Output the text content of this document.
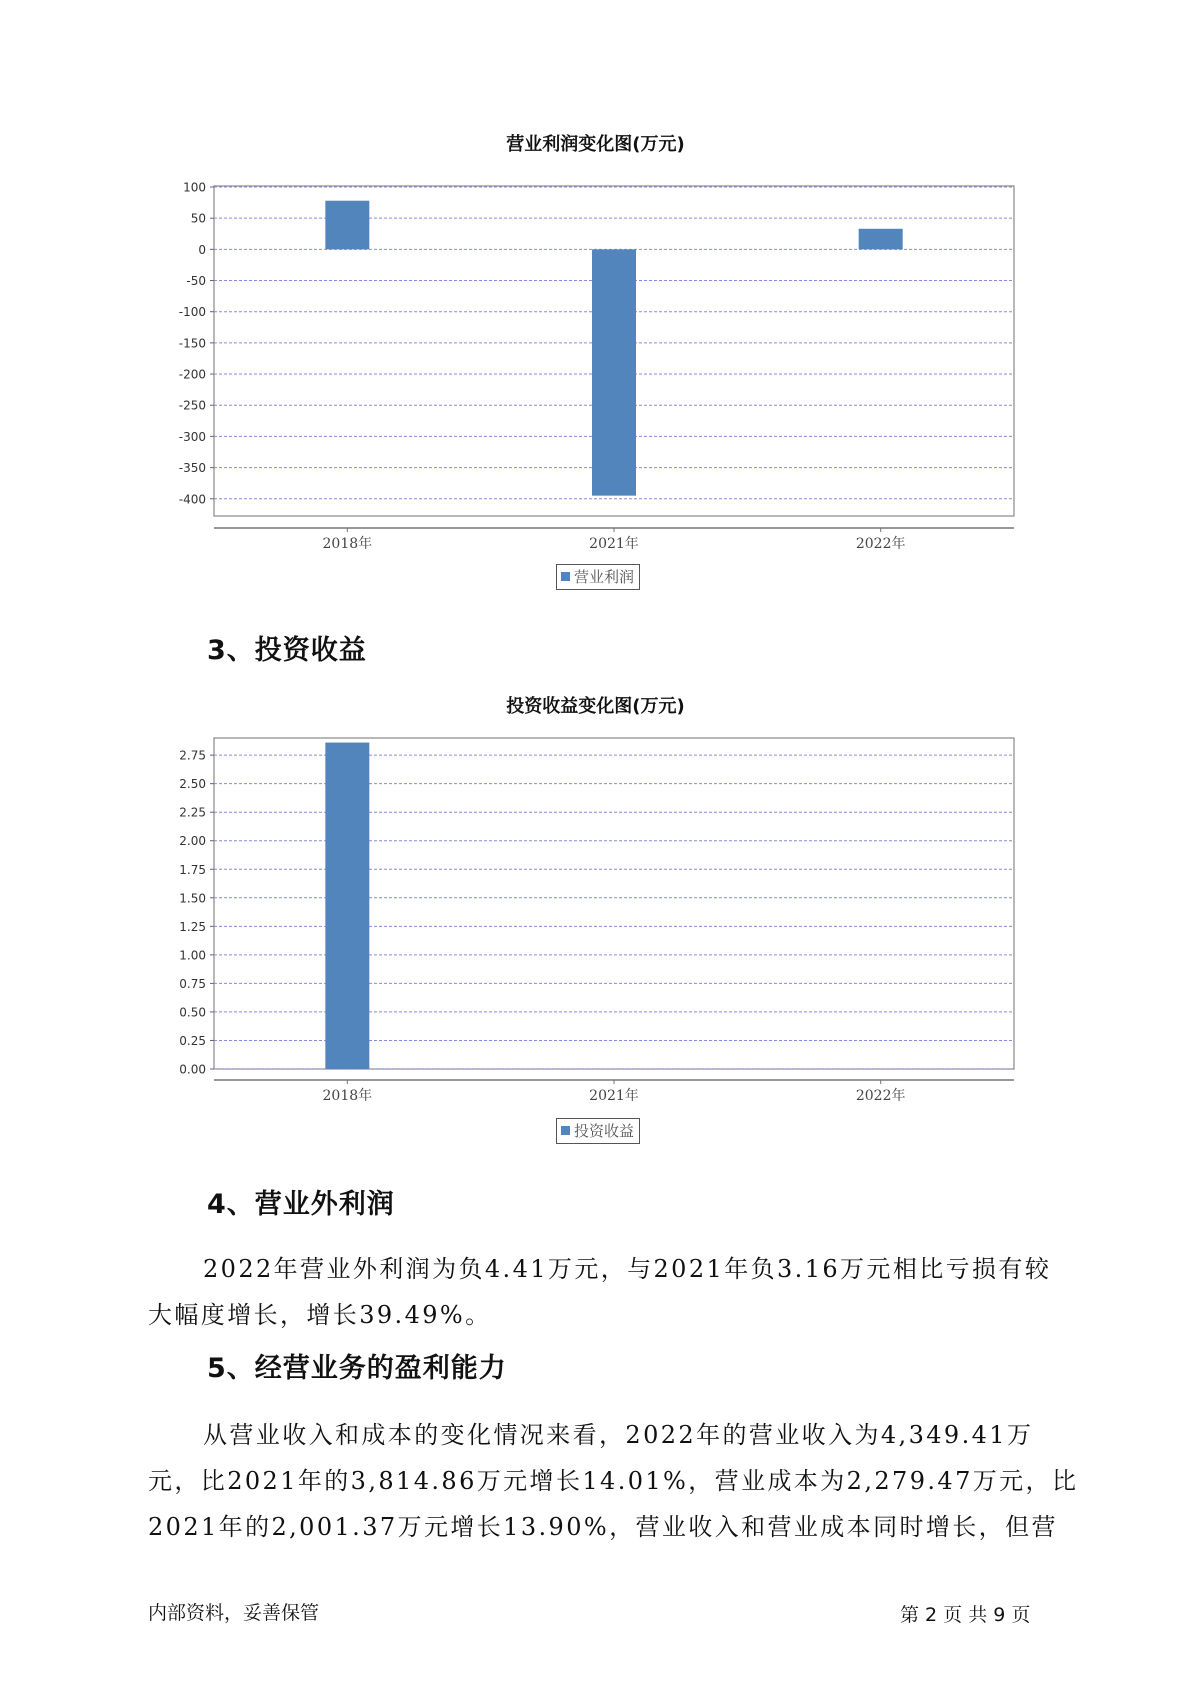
营业利润变化图(万元)
100
50
0
-50
-100
-150
-200
-250
-300
-350
-400
2018年	2021年	2022年
营业利润
3、投资收益
投资收益变化图(万元)
2.75
2.50
2.25
2.00
1.75
1.50
1.25
1.00
0.75
0.50
0.25
0.00
2018年	2021年	2022年
投资收益
4、营业外利润
2022年营业外利润为负4.41万元，与2021年负3.16万元相比亏损有较
大幅度增长，增长39.49%。
5、经营业务的盈利能力
从营业收入和成本的变化情况来看，2022年的营业收入为4,349.41万
元，比2021年的3,814.86万元增长14.01%，营业成本为2,279.47万元，比
2021年的2,001.37万元增长13.90%，营业收入和营业成本同时增长，但营
内部资料，妥善保管	第 2 页 共 9 页
